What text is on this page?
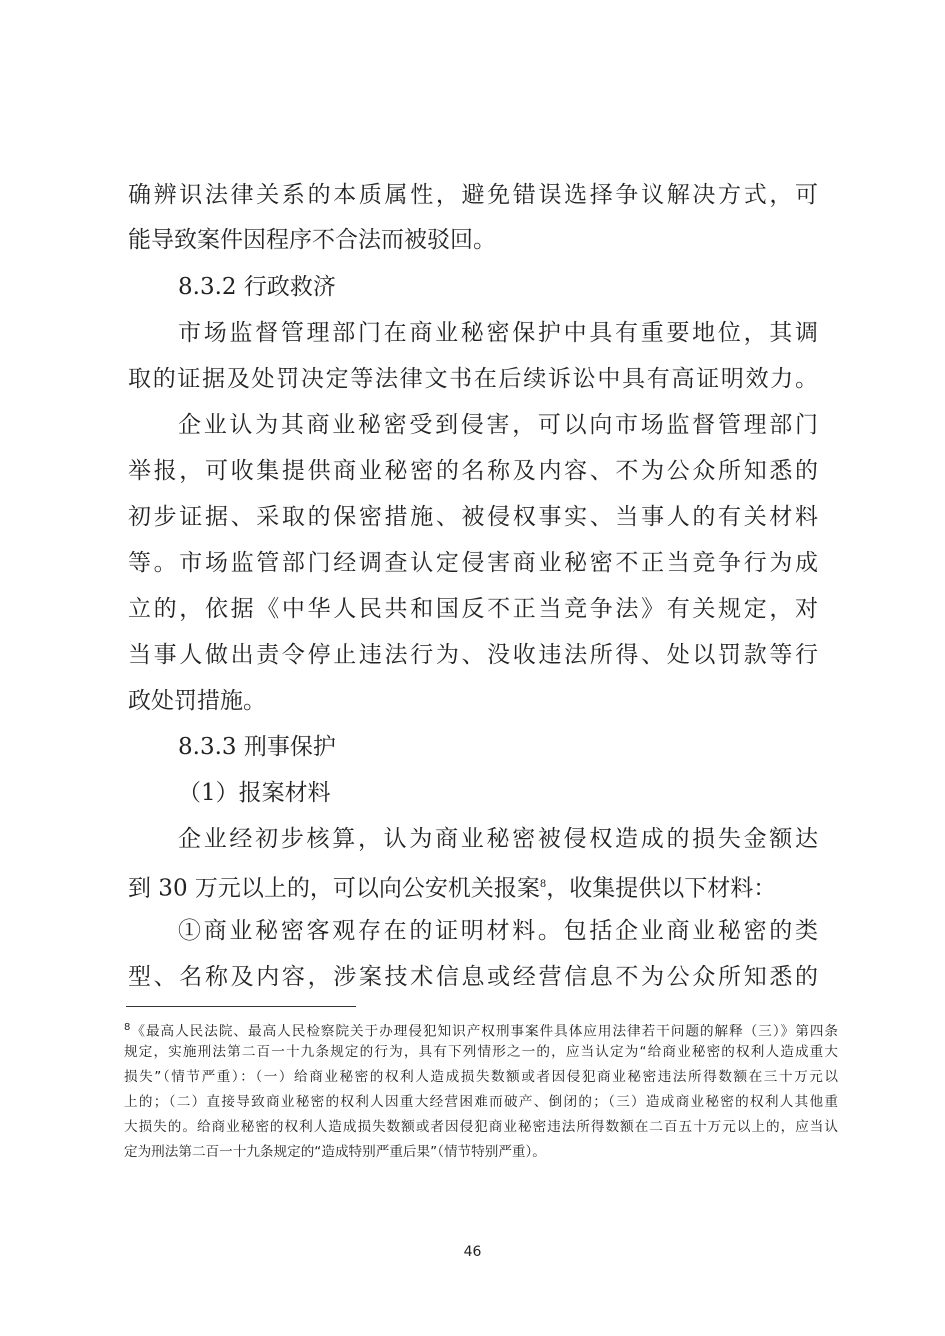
确辨识法律关系的本质属性，避免错误选择争议解决方式，可
能导致案件因程序不合法而被驳回。
8.3.2 行政救济
市场监督管理部门在商业秘密保护中具有重要地位，其调
取的证据及处罚决定等法律文书在后续诉讼中具有高证明效力。
企业认为其商业秘密受到侵害，可以向市场监督管理部门
举报，可收集提供商业秘密的名称及内容、不为公众所知悉的
初步证据、采取的保密措施、被侵权事实、当事人的有关材料
等。市场监管部门经调查认定侵害商业秘密不正当竞争行为成
立的，依据《中华人民共和国反不正当竞争法》有关规定，对
当事人做出责令停止违法行为、没收违法所得、处以罚款等行
政处罚措施。
8.3.3 刑事保护
（1）报案材料
企业经初步核算，认为商业秘密被侵权造成的损失金额达
到 30 万元以上的，可以向公安机关报案$^8$，收集提供以下材料：
①商业秘密客观存在的证明材料。包括企业商业秘密的类
型、名称及内容，涉案技术信息或经营信息不为公众所知悉的
$^8$《最高人民法院、最高人民检察院关于办理侵犯知识产权刑事案件具体应用法律若干问题的解释（三）》第四条
规定，实施刑法第二百一十九条规定的行为，具有下列情形之一的，应当认定为“给商业秘密的权利人造成重大
损失”（情节严重）：（一）给商业秘密的权利人造成损失数额或者因侵犯商业秘密违法所得数额在三十万元以
上的；（二）直接导致商业秘密的权利人因重大经营困难而破产、倒闭的；（三）造成商业秘密的权利人其他重
大损失的。给商业秘密的权利人造成损失数额或者因侵犯商业秘密违法所得数额在二百五十万元以上的，应当认
定为刑法第二百一十九条规定的“造成特别严重后果”（情节特别严重）。
46
